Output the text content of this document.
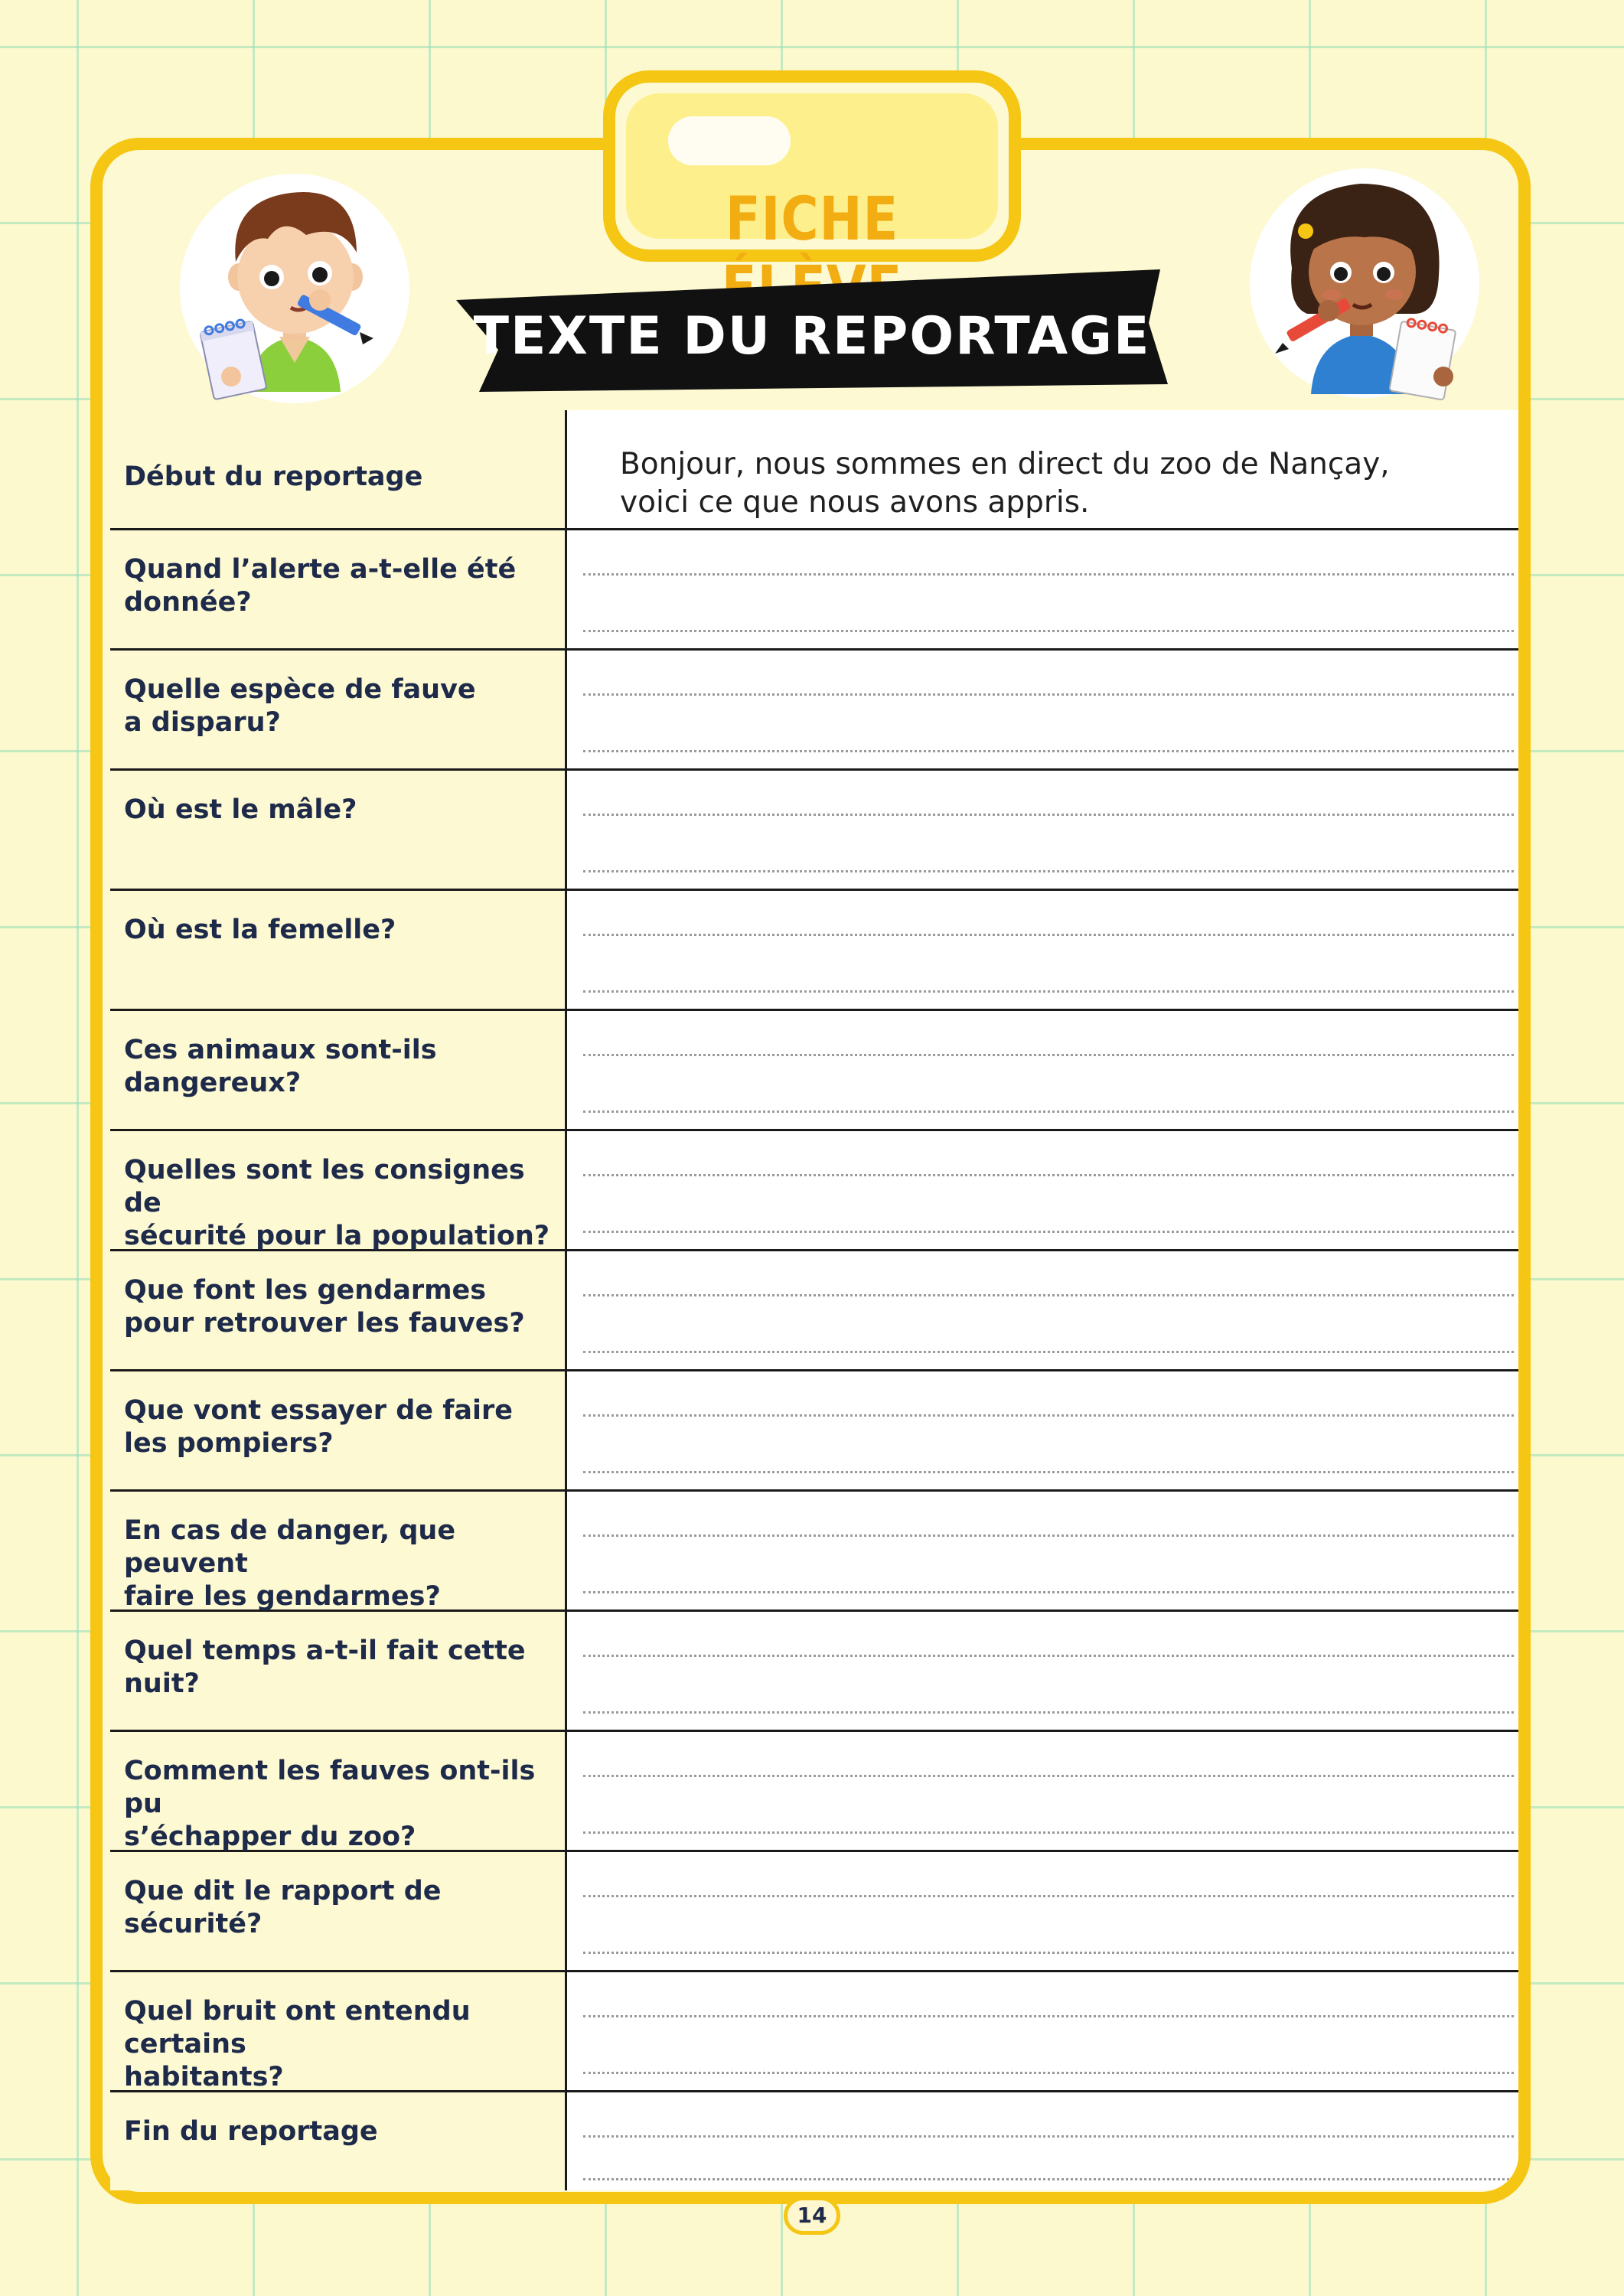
FICHE
TEXTE DU REPORTAGE
Début du reportage	Bonjour, nous sommes en direct du zoo de Nançay,
voici ce que nous avons appris.
Quand l’alerte a-t-elle été
donnée?
Quelle espèce de fauve
a disparu?
Où est le mâle?
Où est la femelle?
Ces animaux sont-ils
dangereux?
Quelles sont les consignes de
sécurité pour la population?
Que font les gendarmes
pour retrouver les fauves?
Que vont essayer de faire
les pompiers?
En cas de danger, que peuvent
faire les gendarmes?
Quel temps a-t-il fait cette nuit?
Comment les fauves ont-ils pu
s’échapper du zoo?
Que dit le rapport de sécurité?
Quel bruit ont entendu certains
habitants?
Fin du reportage
14
